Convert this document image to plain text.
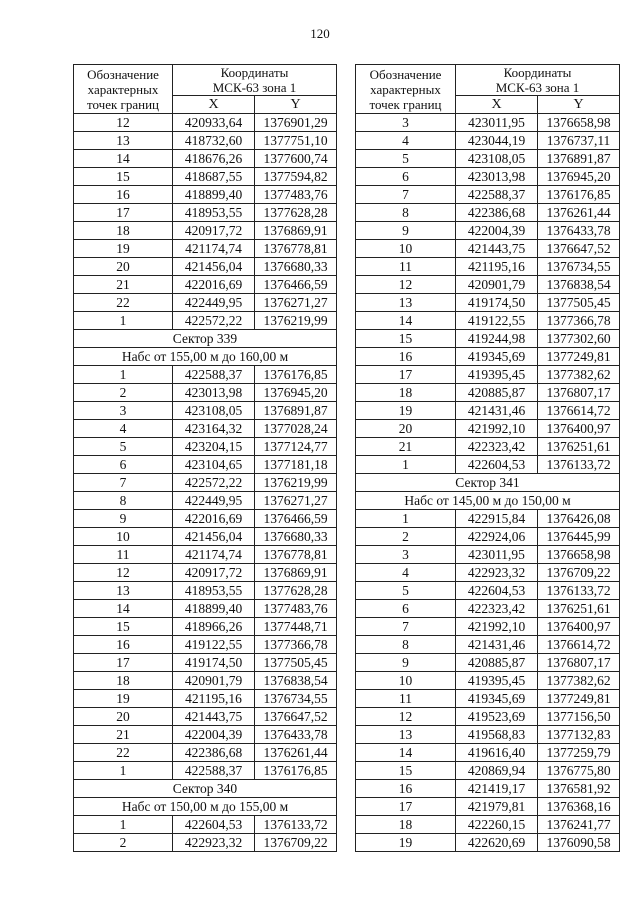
120
Обозначение
характерных
точек границ	Координаты
МСК-63 зона 1	
	X	Y
12	420933,64	1376901,29
13	418732,60	1377751,10
14	418676,26	1377600,74
15	418687,55	1377594,82
16	418899,40	1377483,76
17	418953,55	1377628,28
18	420917,72	1376869,91
19	421174,74	1376778,81
20	421456,04	1376680,33
21	422016,69	1376466,59
22	422449,95	1376271,27
1	422572,22	1376219,99
Сектор 339		
Набс от 155,00 м до 160,00 м		
1	422588,37	1376176,85
2	423013,98	1376945,20
3	423108,05	1376891,87
4	423164,32	1377028,24
5	423204,15	1377124,77
6	423104,65	1377181,18
7	422572,22	1376219,99
8	422449,95	1376271,27
9	422016,69	1376466,59
10	421456,04	1376680,33
11	421174,74	1376778,81
12	420917,72	1376869,91
13	418953,55	1377628,28
14	418899,40	1377483,76
15	418966,26	1377448,71
16	419122,55	1377366,78
17	419174,50	1377505,45
18	420901,79	1376838,54
19	421195,16	1376734,55
20	421443,75	1376647,52
21	422004,39	1376433,78
22	422386,68	1376261,44
1	422588,37	1376176,85
Сектор 340		
Набс от 150,00 м до 155,00 м		
1	422604,53	1376133,72
2	422923,32	1376709,22
Обозначение
характерных
точек границ	Координаты
МСК-63 зона 1	
	X	Y
3	423011,95	1376658,98
4	423044,19	1376737,11
5	423108,05	1376891,87
6	423013,98	1376945,20
7	422588,37	1376176,85
8	422386,68	1376261,44
9	422004,39	1376433,78
10	421443,75	1376647,52
11	421195,16	1376734,55
12	420901,79	1376838,54
13	419174,50	1377505,45
14	419122,55	1377366,78
15	419244,98	1377302,60
16	419345,69	1377249,81
17	419395,45	1377382,62
18	420885,87	1376807,17
19	421431,46	1376614,72
20	421992,10	1376400,97
21	422323,42	1376251,61
1	422604,53	1376133,72
Сектор 341		
Набс от 145,00 м до 150,00 м		
1	422915,84	1376426,08
2	422924,06	1376445,99
3	423011,95	1376658,98
4	422923,32	1376709,22
5	422604,53	1376133,72
6	422323,42	1376251,61
7	421992,10	1376400,97
8	421431,46	1376614,72
9	420885,87	1376807,17
10	419395,45	1377382,62
11	419345,69	1377249,81
12	419523,69	1377156,50
13	419568,83	1377132,83
14	419616,40	1377259,79
15	420869,94	1376775,80
16	421419,17	1376581,92
17	421979,81	1376368,16
18	422260,15	1376241,77
19	422620,69	1376090,58
